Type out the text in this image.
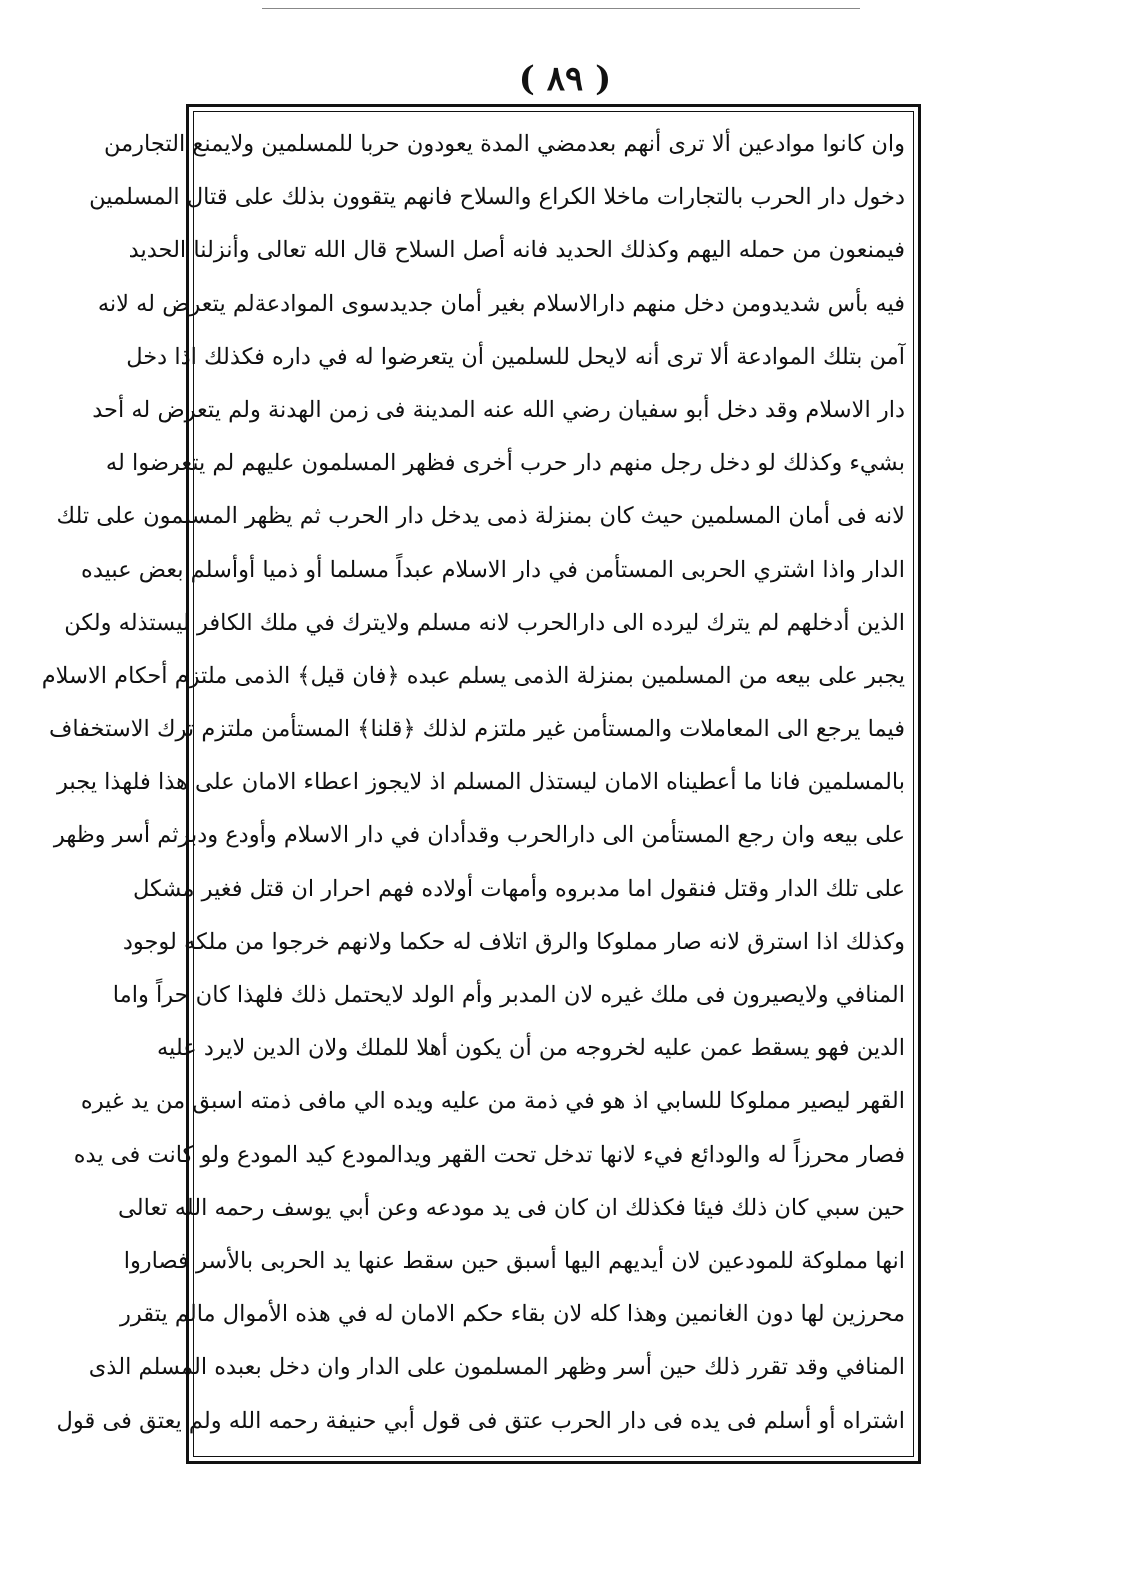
( ٨٩ )
وان كانوا موادعين ألا ترى أنهم بعدمضي المدة يعودون حربا للمسلمين ولايمنع التجارمن
دخول دار الحرب بالتجارات ماخلا الكراع والسلاح فانهم يتقوون بذلك على قتال المسلمين
فيمنعون من حمله اليهم وكذلك الحديد فانه أصل السلاح قال الله تعالى وأنزلنا الحديد
فيه بأس شديدومن دخل منهم دارالاسلام بغير أمان جديدسوى الموادعةلم يتعرض له لانه
آمن بتلك الموادعة ألا ترى أنه لايحل للسلمين أن يتعرضوا له في داره فكذلك اذا دخل
دار الاسلام وقد دخل أبو سفيان رضي الله عنه المدينة فى زمن الهدنة ولم يتعرض له أحد
بشيء وكذلك لو دخل رجل منهم دار حرب أخرى فظهر المسلمون عليهم لم يتعرضوا له
لانه فى أمان المسلمين حيث كان بمنزلة ذمى يدخل دار الحرب ثم يظهر المسلمون على تلك
الدار واذا اشتري الحربى المستأمن في دار الاسلام عبداً مسلما أو ذميا أوأسلم بعض عبيده
الذين أدخلهم لم يترك ليرده الى دارالحرب لانه مسلم ولايترك في ملك الكافر ليستذله ولكن
يجبر على بيعه من المسلمين بمنزلة الذمى يسلم عبده ﴿فان قيل﴾ الذمى ملتزم أحكام الاسلام
فيما يرجع الى المعاملات والمستأمن غير ملتزم لذلك ﴿قلنا﴾ المستأمن ملتزم ترك الاستخفاف
بالمسلمين فانا ما أعطيناه الامان ليستذل المسلم اذ لايجوز اعطاء الامان على هذا فلهذا يجبر
على بيعه وان رجع المستأمن الى دارالحرب وقدأدان في دار الاسلام وأودع ودبرثم أسر وظهر
على تلك الدار وقتل فنقول اما مدبروه وأمهات أولاده فهم احرار ان قتل فغير مشكل
وكذلك اذا استرق لانه صار مملوكا والرق اتلاف له حكما ولانهم خرجوا من ملكه لوجود
المنافي ولايصيرون فى ملك غيره لان المدبر وأم الولد لايحتمل ذلك فلهذا كان حراً واما
الدين فهو يسقط عمن عليه لخروجه من أن يكون أهلا للملك ولان الدين لايرد عليه
القهر ليصير مملوكا للسابي اذ هو في ذمة من عليه ويده الي مافى ذمته اسبق من يد غيره
فصار محرزاً له والودائع فيء لانها تدخل تحت القهر ويدالمودع كيد المودع ولو كانت فى يده
حين سبي كان ذلك فيئا فكذلك ان كان فى يد مودعه وعن أبي يوسف رحمه الله تعالى
انها مملوكة للمودعين لان أيديهم اليها أسبق حين سقط عنها يد الحربى بالأسر فصاروا
محرزين لها دون الغانمين وهذا كله لان بقاء حكم الامان له في هذه الأموال مالم يتقرر
المنافي وقد تقرر ذلك حين أسر وظهر المسلمون على الدار وان دخل بعبده المسلم الذى
اشتراه أو أسلم فى يده فى دار الحرب عتق فى قول أبي حنيفة رحمه الله ولم يعتق فى قول
